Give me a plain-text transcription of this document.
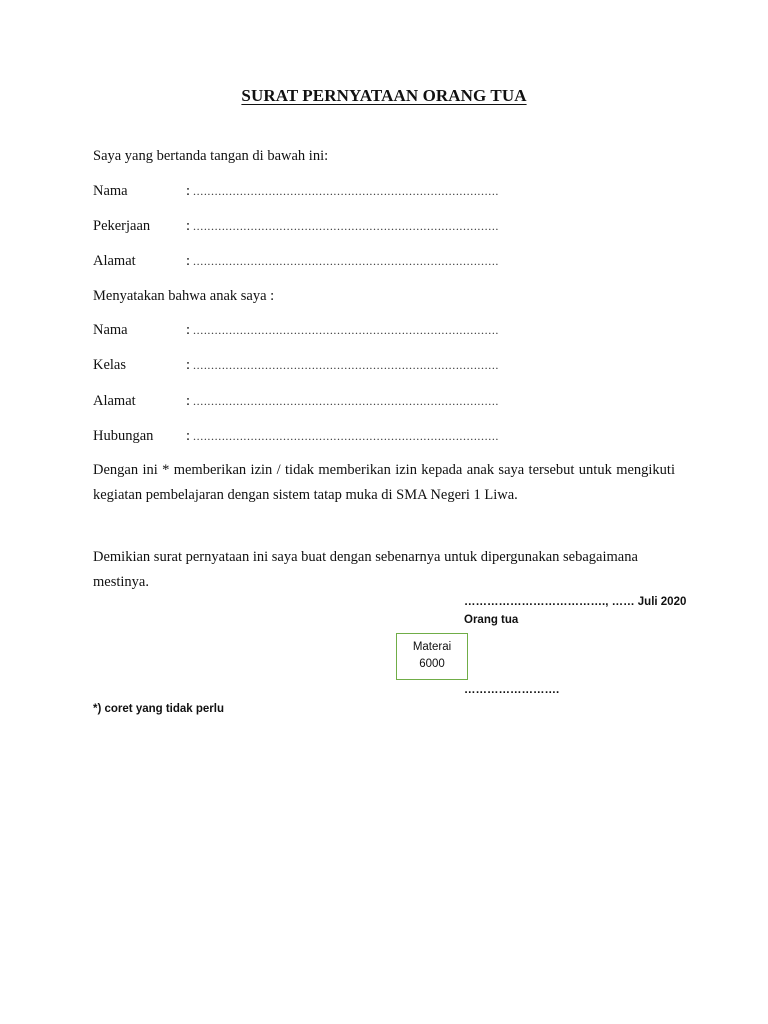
SURAT PERNYATAAN ORANG TUA
Saya yang bertanda tangan di bawah ini:
Nama	: .....................................................................................
Pekerjaan : .....................................................................................
Alamat	: .....................................................................................
Menyatakan bahwa anak saya :
Nama	: .....................................................................................
Kelas	: .....................................................................................
Alamat	: .....................................................................................
Hubungan : .....................................................................................
Dengan ini * memberikan izin / tidak memberikan izin kepada anak saya tersebut untuk mengikuti kegiatan pembelajaran dengan sistem tatap muka di SMA Negeri 1 Liwa.
Demikian surat pernyataan ini saya buat dengan sebenarnya untuk dipergunakan sebagaimana mestinya.
………………………………., …… Juli 2020
Orang tua
Materai
6000
…………………….
*) coret yang tidak perlu
